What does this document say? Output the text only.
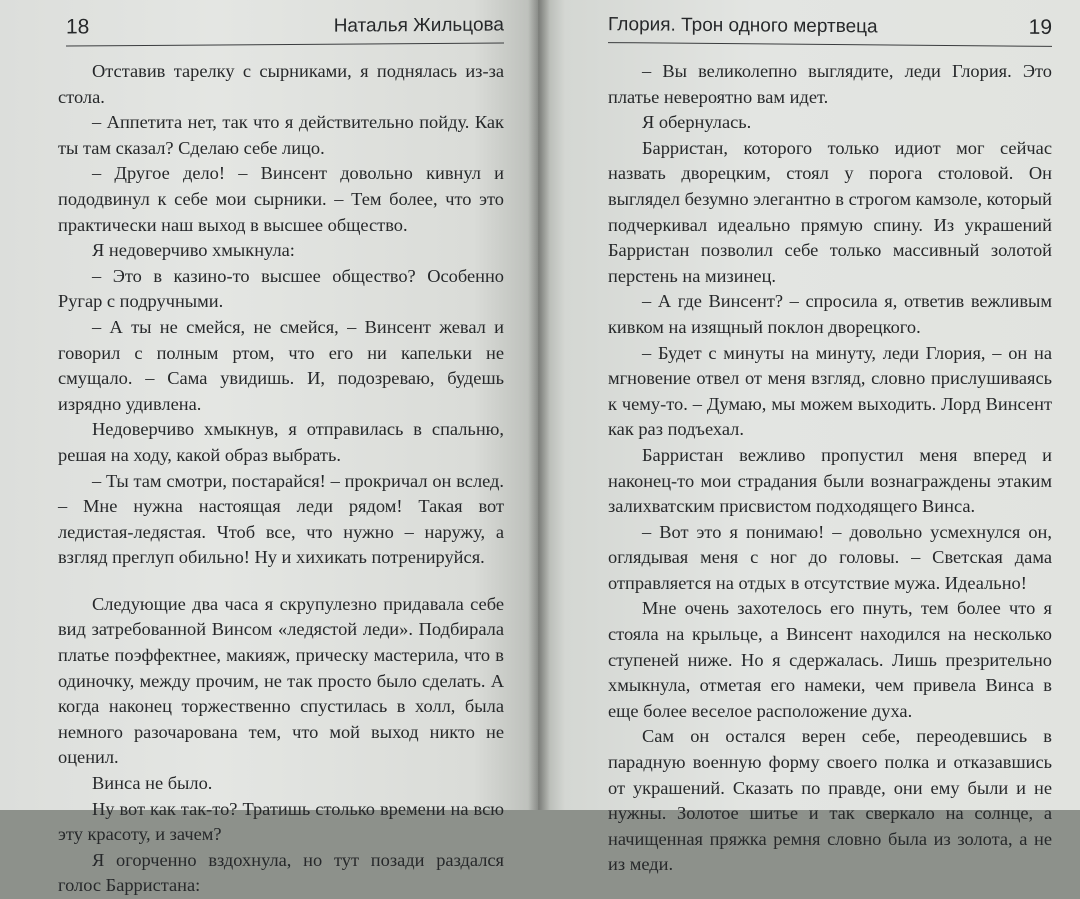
18	Наталья Жильцова

Отставив тарелку с сырниками, я поднялась из-за стола.

– Аппетита нет, так что я действительно пойду. Как ты там сказал? Сделаю себе лицо.

– Другое дело! – Винсент довольно кивнул и пододвинул к себе мои сырники. – Тем более, что это практически наш выход в высшее общество.

Я недоверчиво хмыкнула:

– Это в казино-то высшее общество? Особенно Ругар с подручными.

– А ты не смейся, не смейся, – Винсент жевал и говорил с полным ртом, что его ни капельки не смущало. – Сама увидишь. И, подозреваю, будешь изрядно удивлена.

Недоверчиво хмыкнув, я отправилась в спальню, решая на ходу, какой образ выбрать.

– Ты там смотри, постарайся! – прокричал он вслед. – Мне нужна настоящая леди рядом! Такая вот ледистая-ледястая. Чтоб все, что нужно – наружу, а взгляд преглуп обильно! Ну и хихикать потренируйся.

Следующие два часа я скрупулезно придавала себе вид затребованной Винсом «ледястой леди». Подбирала платье поэффектнее, макияж, прическу мастерила, что в одиночку, между прочим, не так просто было сделать. А когда наконец торжественно спустилась в холл, была немного разочарована тем, что мой выход никто не оценил.

Винса не было.

Ну вот как так-то? Тратишь столько времени на всю эту красоту, и зачем?

Я огорченно вздохнула, но тут позади раздался голос Барристана:

Глория. Трон одного мертвеца	19

– Вы великолепно выглядите, леди Глория. Это платье невероятно вам идет.

Я обернулась.

Барристан, которого только идиот мог сейчас назвать дворецким, стоял у порога столовой. Он выглядел безумно элегантно в строгом камзоле, который подчеркивал идеально прямую спину. Из украшений Барристан позволил себе только массивный золотой перстень на мизинец.

– А где Винсент? – спросила я, ответив вежливым кивком на изящный поклон дворецкого.

– Будет с минуты на минуту, леди Глория, – он на мгновение отвел от меня взгляд, словно прислушиваясь к чему-то. – Думаю, мы можем выходить. Лорд Винсент как раз подъехал.

Барристан вежливо пропустил меня вперед и наконец-то мои страдания были вознаграждены этаким залихватским присвистом подходящего Винса.

– Вот это я понимаю! – довольно усмехнулся он, оглядывая меня с ног до головы. – Светская дама отправляется на отдых в отсутствие мужа. Идеально!

Мне очень захотелось его пнуть, тем более что я стояла на крыльце, а Винсент находился на несколько ступеней ниже. Но я сдержалась. Лишь презрительно хмыкнула, отметая его намеки, чем привела Винса в еще более веселое расположение духа.

Сам он остался верен себе, переодевшись в парадную военную форму своего полка и отказавшись от украшений. Сказать по правде, они ему были и не нужны. Золотое шитье и так сверкало на солнце, а начищенная пряжка ремня словно была из золота, а не из меди.
